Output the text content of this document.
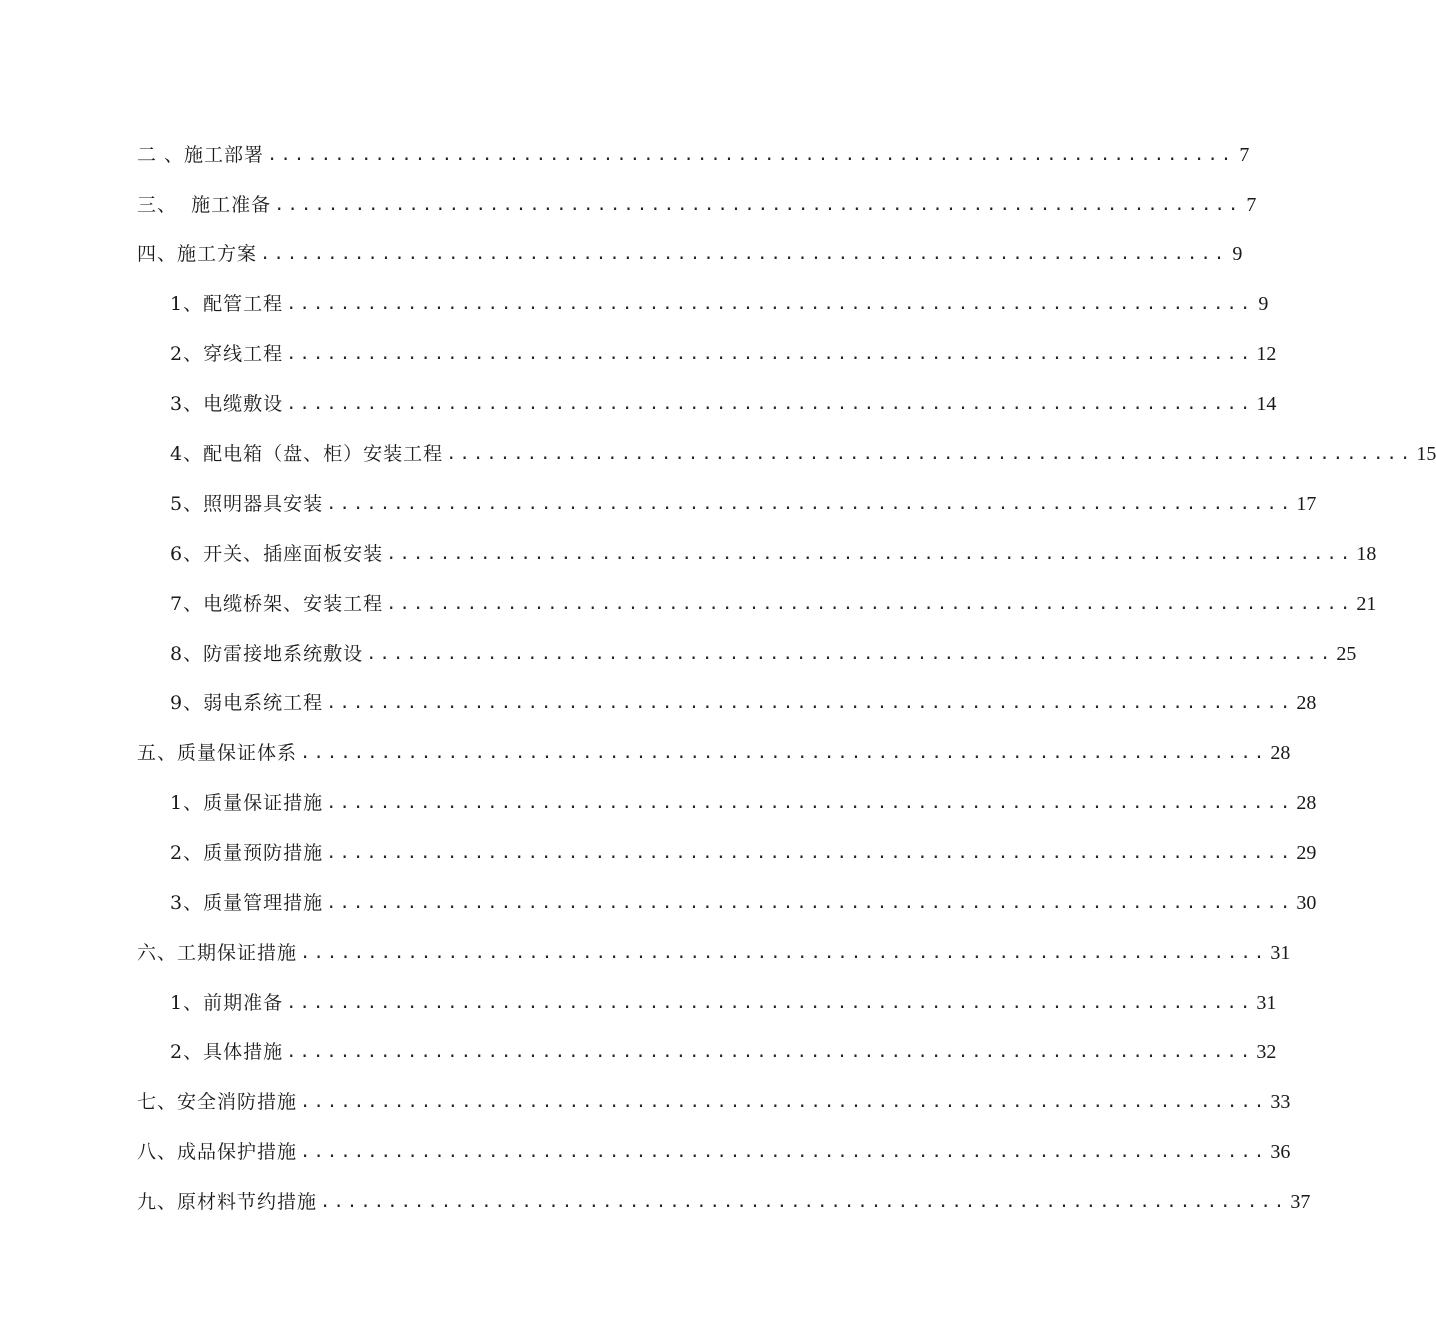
二 、施工部署 ........................................................................ 7
三、  施工准备 ........................................................................ 7
四、施工方案 ........................................................................ 9
1、配管工程 ........................................................................ 9
2、穿线工程 ........................................................................ 12
3、电缆敷设 ........................................................................ 14
4、配电箱（盘、柜）安装工程 ........................................................................ 15
5、照明器具安装 ........................................................................ 17
6、开关、插座面板安装 ........................................................................ 18
7、电缆桥架、安装工程 ........................................................................ 21
8、防雷接地系统敷设 ........................................................................ 25
9、弱电系统工程 ........................................................................ 28
五、质量保证体系 ........................................................................ 28
1、质量保证措施 ........................................................................ 28
2、质量预防措施 ........................................................................ 29
3、质量管理措施 ........................................................................ 30
六、工期保证措施 ........................................................................ 31
1、前期准备 ........................................................................ 31
2、具体措施 ........................................................................ 32
七、安全消防措施 ........................................................................ 33
八、成品保护措施 ........................................................................ 36
九、原材料节约措施 ........................................................................ 37
